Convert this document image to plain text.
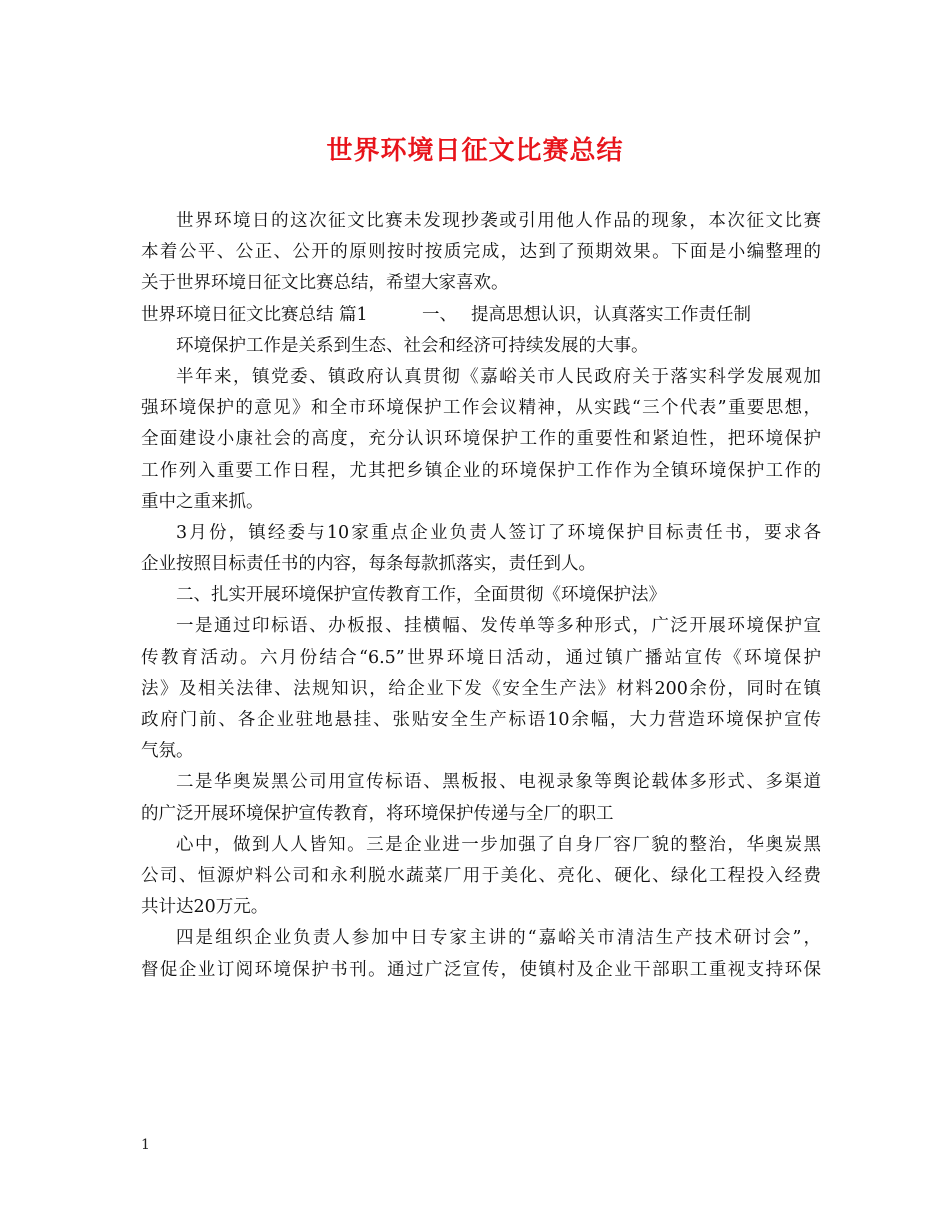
世界环境日征文比赛总结
世界环境日的这次征文比赛未发现抄袭或引用他人作品的现象，本次征文比赛
本着公平、公正、公开的原则按时按质完成，达到了预期效果。下面是小编整理的
关于世界环境日征文比赛总结，希望大家喜欢。
世界环境日征文比赛总结 篇1	一、 提高思想认识，认真落实工作责任制
环境保护工作是关系到生态、社会和经济可持续发展的大事。
半年来，镇党委、镇政府认真贯彻《嘉峪关市人民政府关于落实科学发展观加
强环境保护的意见》和全市环境保护工作会议精神，从实践“三个代表”重要思想，
全面建设小康社会的高度，充分认识环境保护工作的重要性和紧迫性，把环境保护
工作列入重要工作日程，尤其把乡镇企业的环境保护工作作为全镇环境保护工作的
重中之重来抓。
3月份，镇经委与10家重点企业负责人签订了环境保护目标责任书，要求各
企业按照目标责任书的内容，每条每款抓落实，责任到人。
二、扎实开展环境保护宣传教育工作，全面贯彻《环境保护法》
一是通过印标语、办板报、挂横幅、发传单等多种形式，广泛开展环境保护宣
传教育活动。六月份结合“6.5”世界环境日活动，通过镇广播站宣传《环境保护
法》及相关法律、法规知识，给企业下发《安全生产法》材料200余份，同时在镇
政府门前、各企业驻地悬挂、张贴安全生产标语10余幅，大力营造环境保护宣传
气氛。
二是华奥炭黑公司用宣传标语、黑板报、电视录象等舆论载体多形式、多渠道
的广泛开展环境保护宣传教育，将环境保护传递与全厂的职工
心中，做到人人皆知。三是企业进一步加强了自身厂容厂貌的整治，华奥炭黑
公司、恒源炉料公司和永利脱水蔬菜厂用于美化、亮化、硬化、绿化工程投入经费
共计达20万元。
四是组织企业负责人参加中日专家主讲的“嘉峪关市清洁生产技术研讨会”，
督促企业订阅环境保护书刊。通过广泛宣传，使镇村及企业干部职工重视支持环保
1
